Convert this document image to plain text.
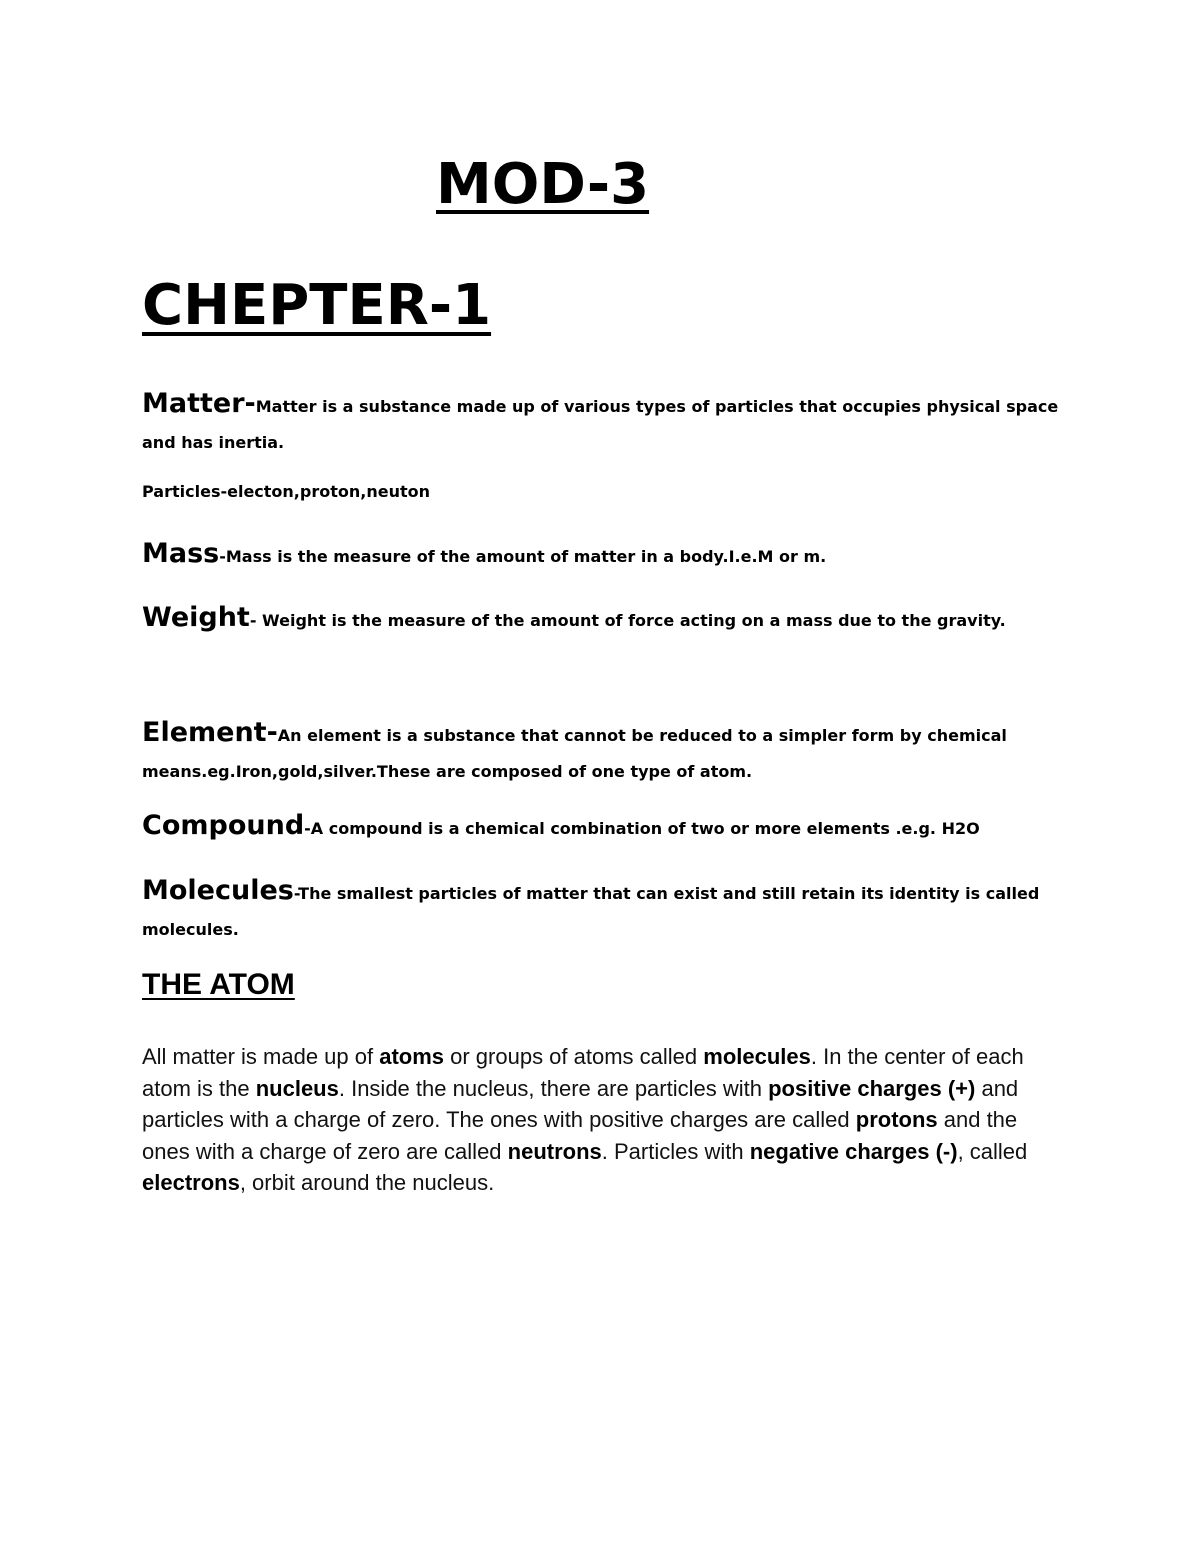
MOD-3
CHEPTER-1
Matter-Matter is a substance made up of various types of particles that occupies physical space and has inertia.
Particles-electon,proton,neuton
Mass-Mass is the measure of the amount of matter in a body.I.e.M or m.
Weight- Weight is the measure of the amount of force acting on a mass due to the gravity.
Element-An element is a substance that cannot be reduced to a simpler form by chemical means.eg.Iron,gold,silver.These are composed of one type of atom.
Compound-A compound is a chemical combination of two or more elements .e.g. H2O
Molecules-The smallest particles of matter that can exist and still retain its identity is called molecules.
THE ATOM
All matter is made up of atoms or groups of atoms called molecules. In the center of each atom is the nucleus. Inside the nucleus, there are particles with positive charges (+) and particles with a charge of zero. The ones with positive charges are called protons and the ones with a charge of zero are called neutrons. Particles with negative charges (-), called electrons, orbit around the nucleus.
